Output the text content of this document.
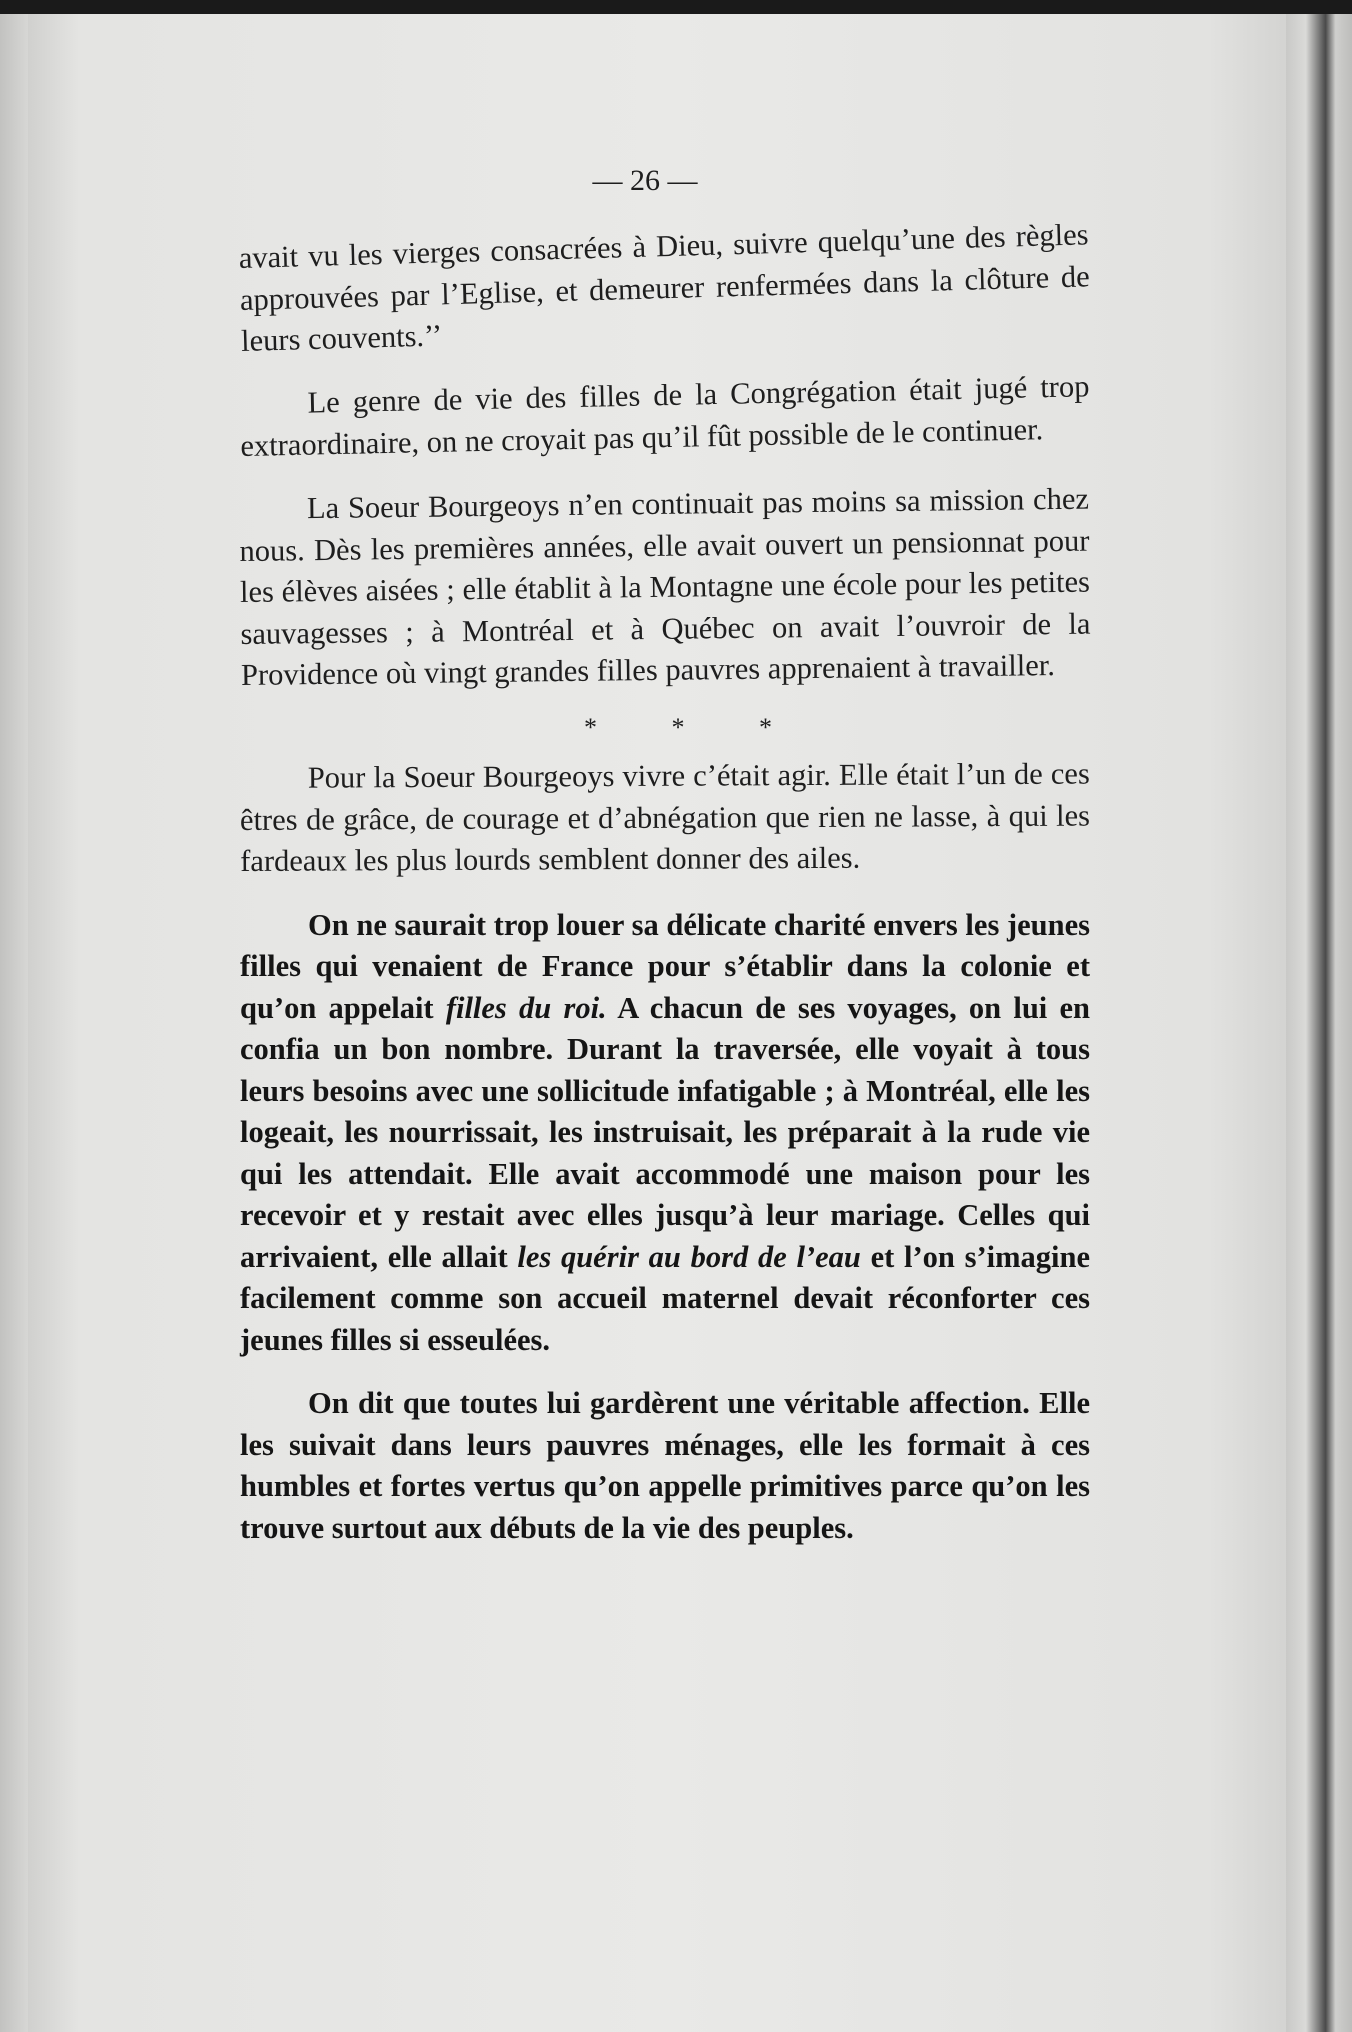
— 26 —

avait vu les vierges consacrées à Dieu, suivre quelqu’une des règles approuvées par l’Eglise, et demeurer renfermées dans la clôture de leurs couvents.’’

Le genre de vie des filles de la Congrégation était jugé trop extraordinaire, on ne croyait pas qu’il fût possible de le continuer.

La Soeur Bourgeoys n’en continuait pas moins sa mission chez nous. Dès les premières années, elle avait ouvert un pensionnat pour les élèves aisées ; elle établit à la Montagne une école pour les petites sauvagesses ; à Montréal et à Québec on avait l’ouvroir de la Providence où vingt grandes filles pauvres apprenaient à travailler.

* * *

Pour la Soeur Bourgeoys vivre c’était agir. Elle était l’un de ces êtres de grâce, de courage et d’abnégation que rien ne lasse, à qui les fardeaux les plus lourds semblent donner des ailes.

On ne saurait trop louer sa délicate charité envers les jeunes filles qui venaient de France pour s’établir dans la colonie et qu’on appelait filles du roi. A chacun de ses voyages, on lui en confia un bon nombre. Durant la traversée, elle voyait à tous leurs besoins avec une sollicitude infatigable ; à Montréal, elle les logeait, les nourrissait, les instruisait, les préparait à la rude vie qui les attendait. Elle avait accommodé une maison pour les recevoir et y restait avec elles jusqu’à leur mariage. Celles qui arrivaient, elle allait les quérir au bord de l’eau et l’on s’imagine facilement comme son accueil maternel devait réconforter ces jeunes filles si esseulées.

On dit que toutes lui gardèrent une véritable affection. Elle les suivait dans leurs pauvres ménages, elle les formait à ces humbles et fortes vertus qu’on appelle primitives parce qu’on les trouve surtout aux débuts de la vie des peuples.
